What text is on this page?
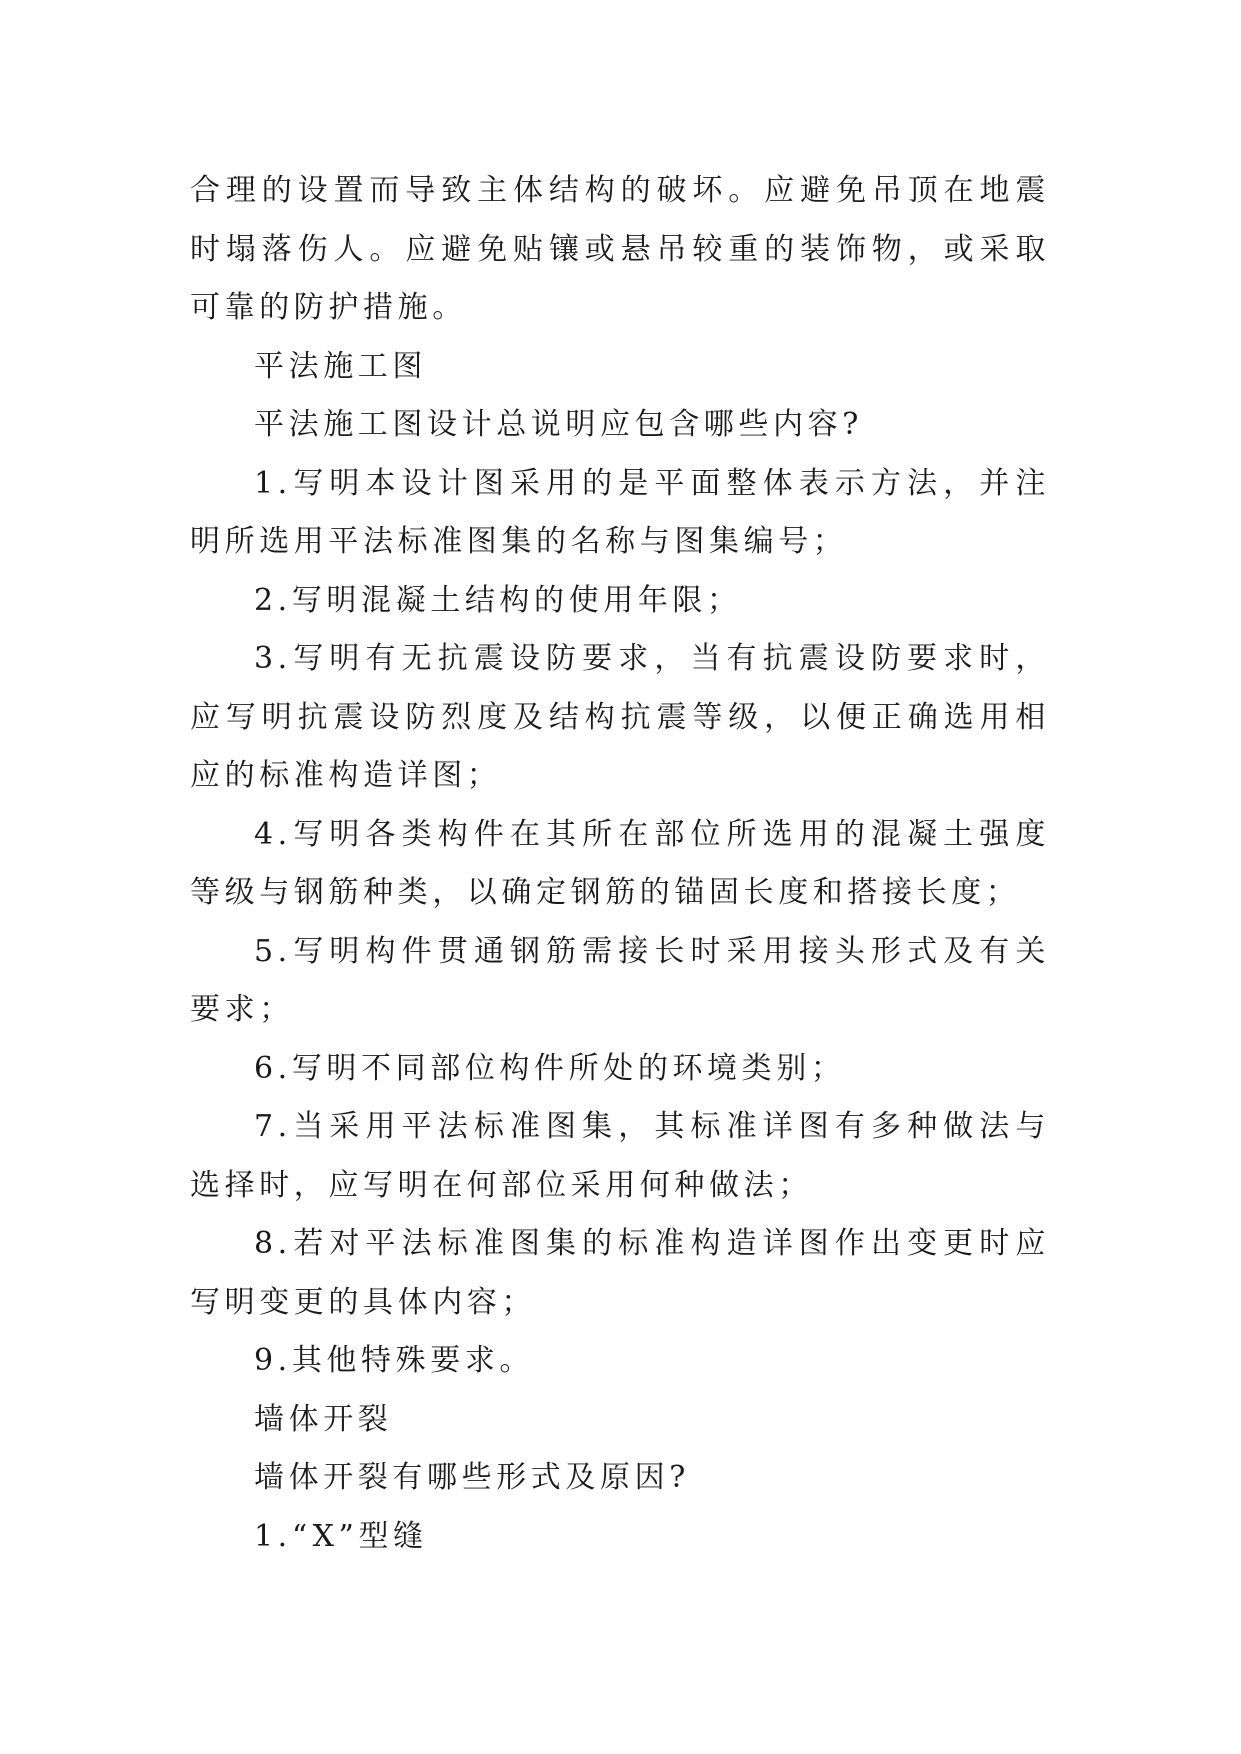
合理的设置而导致主体结构的破坏。应避免吊顶在地震时塌落伤人。应避免贴镶或悬吊较重的装饰物，或采取可靠的防护措施。

平法施工图

平法施工图设计总说明应包含哪些内容?

1.写明本设计图采用的是平面整体表示方法，并注明所选用平法标准图集的名称与图集编号；

2.写明混凝土结构的使用年限；

3.写明有无抗震设防要求，当有抗震设防要求时，应写明抗震设防烈度及结构抗震等级，以便正确选用相应的标准构造详图；

4.写明各类构件在其所在部位所选用的混凝土强度等级与钢筋种类，以确定钢筋的锚固长度和搭接长度；

5.写明构件贯通钢筋需接长时采用接头形式及有关要求；

6.写明不同部位构件所处的环境类别；

7.当采用平法标准图集，其标准详图有多种做法与选择时，应写明在何部位采用何种做法；

8.若对平法标准图集的标准构造详图作出变更时应写明变更的具体内容；

9.其他特殊要求。

墙体开裂

墙体开裂有哪些形式及原因?

1.“X”型缝
